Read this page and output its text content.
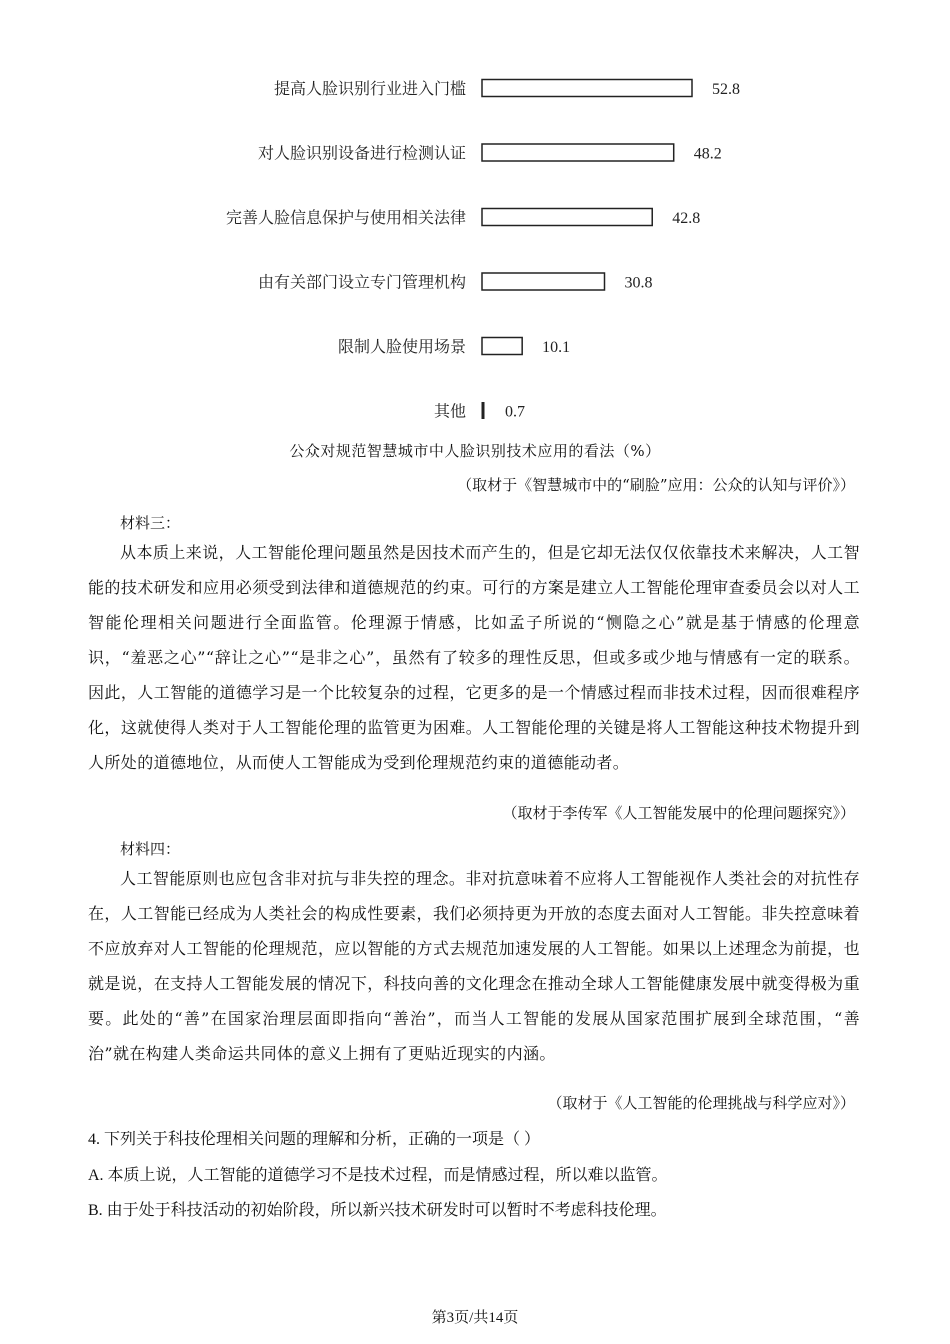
提高人脸识别行业进入门槛	52.8
对人脸识别设备进行检测认证	48.2
完善人脸信息保护与使用相关法律	42.8
由有关部门设立专门管理机构	30.8
限制人脸使用场景	10.1
其他 0.7
公众对规范智慧城市中人脸识别技术应用的看法（%）
（取材于《智慧城市中的“刷脸”应用：公众的认知与评价》）
材料三：
从本质上来说，人工智能伦理问题虽然是因技术而产生的，但是它却无法仅仅依靠技术来解决，人工智能的技术研发和应用必须受到法律和道德规范的约束。可行的方案是建立人工智能伦理审查委员会以对人工智能伦理相关问题进行全面监管。伦理源于情感，比如孟子所说的“恻隐之心”就是基于情感的伦理意识，“羞恶之心”“辞让之心”“是非之心”，虽然有了较多的理性反思，但或多或少地与情感有一定的联系。因此，人工智能的道德学习是一个比较复杂的过程，它更多的是一个情感过程而非技术过程，因而很难程序化，这就使得人类对于人工智能伦理的监管更为困难。人工智能伦理的关键是将人工智能这种技术物提升到人所处的道德地位，从而使人工智能成为受到伦理规范约束的道德能动者。
（取材于李传军《人工智能发展中的伦理问题探究》）
材料四：
人工智能原则也应包含非对抗与非失控的理念。非对抗意味着不应将人工智能视作人类社会的对抗性存在，人工智能已经成为人类社会的构成性要素，我们必须持更为开放的态度去面对人工智能。非失控意味着不应放弃对人工智能的伦理规范，应以智能的方式去规范加速发展的人工智能。如果以上述理念为前提，也就是说，在支持人工智能发展的情况下，科技向善的文化理念在推动全球人工智能健康发展中就变得极为重要。此处的“善”在国家治理层面即指向“善治”，而当人工智能的发展从国家范围扩展到全球范围，“善治”就在构建人类命运共同体的意义上拥有了更贴近现实的内涵。
（取材于《人工智能的伦理挑战与科学应对》）
4. 下列关于科技伦理相关问题的理解和分析，正确的一项是（ ）
A. 本质上说，人工智能的道德学习不是技术过程，而是情感过程，所以难以监管。
B. 由于处于科技活动的初始阶段，所以新兴技术研发时可以暂时不考虑科技伦理。
第3页/共14页
